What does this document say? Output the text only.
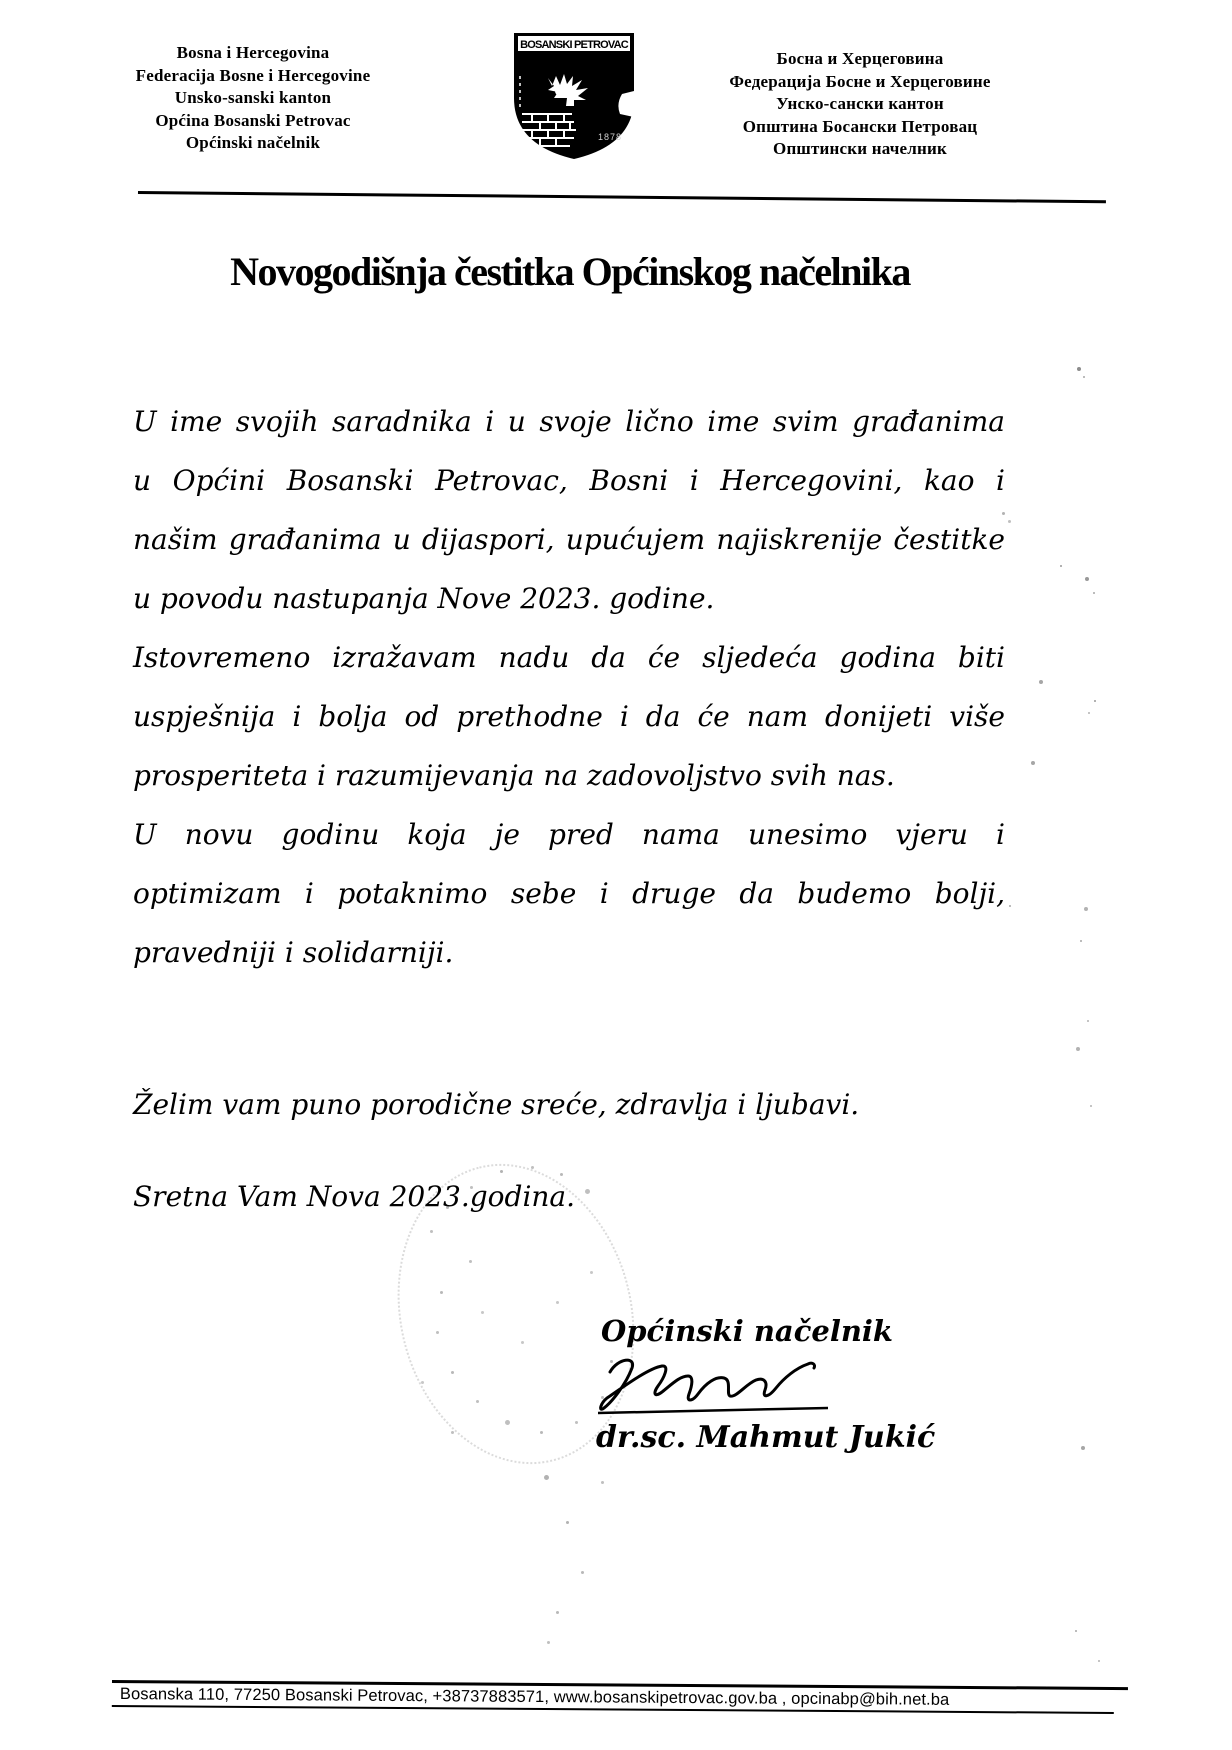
Bosna i Hercegovina
Federacija Bosne i Hercegovine
Unsko-sanski kanton
Općina Bosanski Petrovac
Općinski načelnik
BOSANSKI PETROVAC
1878
Босна и Херцеговина
Федерација Босне и Херцеговине
Унско-сански кантон
Општина Босански Петровац
Општински начелник
Novogodišnja čestitka Općinskog načelnika
U ime svojih saradnika i u svoje lično ime svim građanima
u Općini Bosanski Petrovac, Bosni i Hercegovini, kao i
našim građanima u dijaspori, upućujem najiskrenije čestitke
u povodu nastupanja Nove 2023. godine.
Istovremeno izražavam nadu da će sljedeća godina biti
uspješnija i bolja od prethodne i da će nam donijeti više
prosperiteta i razumijevanja na zadovoljstvo svih nas.
U novu godinu koja je pred nama unesimo vjeru i
optimizam i potaknimo sebe i druge da budemo bolji,
pravedniji i solidarniji.
Želim vam puno porodične sreće, zdravlja i ljubavi.
Sretna Vam Nova 2023.godina.
Općinski načelnik
dr.sc. Mahmut Jukić
Bosanska 110, 77250 Bosanski Petrovac, +38737883571, www.bosanskipetrovac.gov.ba , opcinabp@bih.net.ba
